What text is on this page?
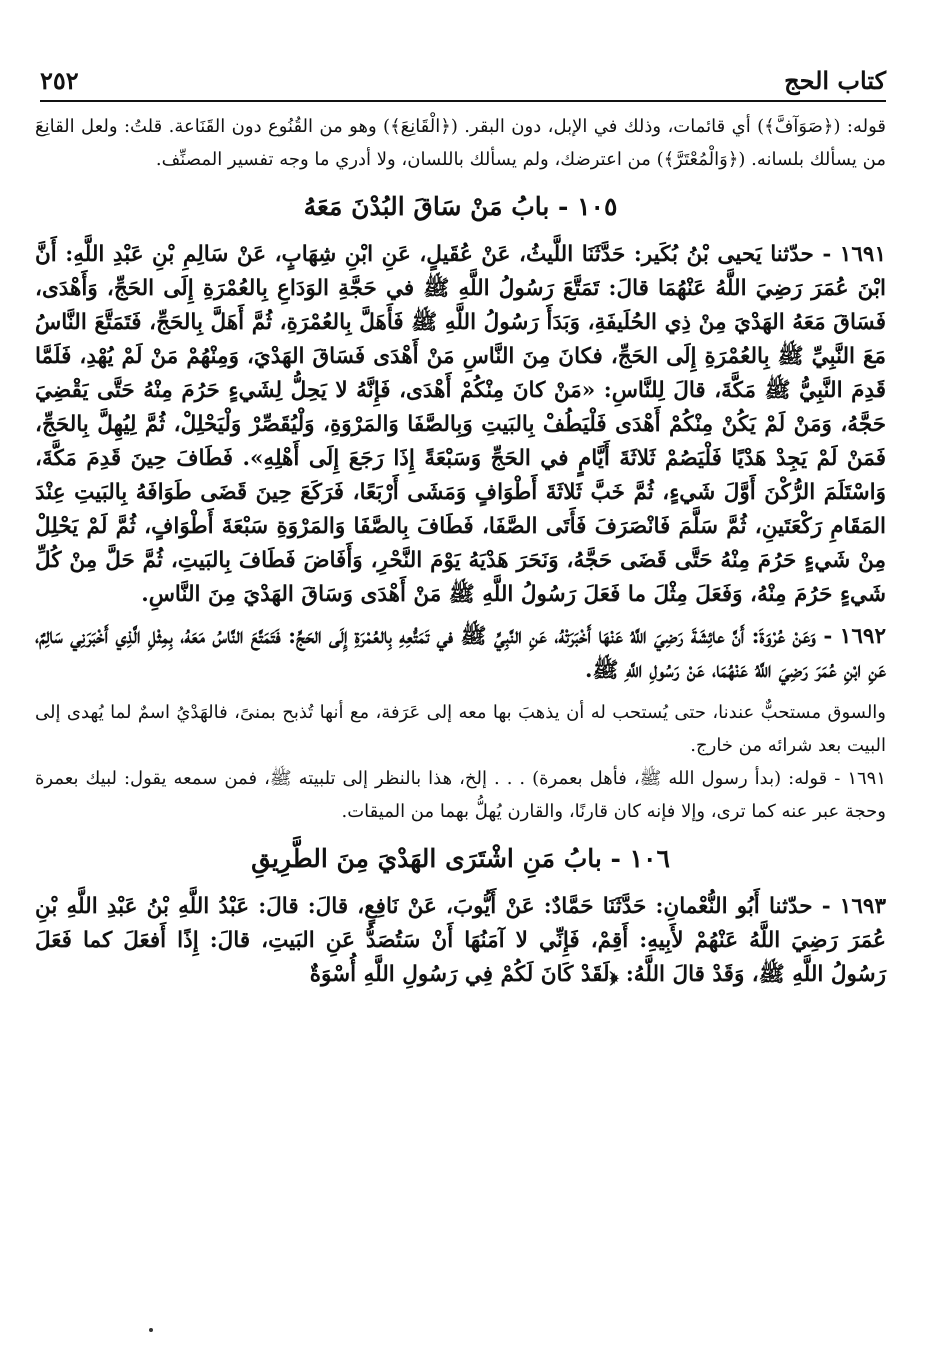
كتاب الحج
٢٥٢

قوله: (﴿صَوَآفَّ﴾) أي قائمات، وذلك في الإبل، دون البقر. (﴿الْقَانِعَ﴾) وهو من القُنُوع دون القَنَاعة. قلتُ: ولعل القانِعَ من يسألك بلسانه. (﴿وَالْمُعْتَرَّ﴾) من اعترضك، ولم يسألك باللسان، ولا أدري ما وجه تفسير المصنِّف.

١٠٥ - بابُ مَنْ سَاقَ البُدْنَ مَعَهُ

١٦٩١ - حدّثنا يَحيى بْنُ بُكَير: حَدَّثَنَا اللَّيثُ، عَنْ عُقَيلٍ، عَنِ ابْنِ شِهَابٍ، عَنْ سَالِمِ بْنِ عَبْدِ اللَّهِ: أَنَّ ابْنَ عُمَرَ رَضِيَ اللَّهُ عَنْهُمَا قالَ: تَمَتَّعَ رَسُولُ اللَّهِ ﷺ في حَجَّةِ الوَدَاعِ بِالعُمْرَةِ إِلَى الحَجِّ، وَأَهْدَى، فَسَاقَ مَعَهُ الهَدْيَ مِنْ ذِي الحُلَيفَةِ، وَبَدَأَ رَسُولُ اللَّهِ ﷺ فَأَهَلَّ بِالعُمْرَةِ، ثُمَّ أَهَلَّ بِالحَجِّ، فَتَمَتَّعَ النَّاسُ مَعَ النَّبِيِّ ﷺ بِالعُمْرَةِ إِلَى الحَجِّ، فكانَ مِنَ النَّاسِ مَنْ أَهْدَى فَسَاقَ الهَدْيَ، وَمِنْهُمْ مَنْ لَمْ يُهْدِ، فَلَمَّا قَدِمَ النَّبِيُّ ﷺ مَكَّةَ، قالَ لِلنَّاسِ: «مَنْ كانَ مِنْكُمْ أَهْدَى، فَإِنَّهُ لا يَحِلُّ لِشَيءٍ حَرُمَ مِنْهُ حَتَّى يَقْضِيَ حَجَّهُ، وَمَنْ لَمْ يَكُنْ مِنْكُمْ أَهْدَى فَلْيَطُفْ بِالبَيتِ وَبِالصَّفَا وَالمَرْوَةِ، وَلْيُقَصِّرْ وَلْيَحْلِلْ، ثُمَّ لِيُهِلَّ بِالحَجِّ، فَمَنْ لَمْ يَجِدْ هَدْيًا فَلْيَصُمْ ثَلاثَةَ أَيَّامٍ في الحَجِّ وَسَبْعَةً إِذَا رَجَعَ إِلَى أَهْلِهِ». فَطَافَ حِينَ قَدِمَ مَكَّةَ، وَاسْتَلَمَ الرُّكْنَ أَوَّلَ شَيءٍ، ثُمَّ خَبَّ ثَلاثَةَ أَطْوَافٍ وَمَشَى أَرْبَعًا، فَرَكَعَ حِينَ قَضَى طَوَافَهُ بِالبَيتِ عِنْدَ المَقَامِ رَكْعَتَينِ، ثُمَّ سَلَّمَ فَانْصَرَفَ فَأَتَى الصَّفَا، فَطَافَ بِالصَّفَا وَالمَرْوَةِ سَبْعَةَ أَطْوَافٍ، ثُمَّ لَمْ يَحْلِلْ مِنْ شَيءٍ حَرُمَ مِنْهُ حَتَّى قَضَى حَجَّهُ، وَنَحَرَ هَدْيَهُ يَوْمَ النَّحْرِ، وَأَفَاضَ فَطَافَ بِالبَيتِ، ثُمَّ حَلَّ مِنْ كُلِّ شَيءٍ حَرُمَ مِنْهُ، وَفَعَلَ مِثْلَ ما فَعَلَ رَسُولُ اللَّهِ ﷺ مَنْ أَهْدَى وَسَاقَ الهَدْيَ مِنَ النَّاسِ.

١٦٩٢ - وَعَنْ عُرْوَةَ: أَنَّ عائِشَةَ رَضِيَ اللَّهُ عَنْهَا أَخْبَرَتْهُ، عَنِ النَّبِيِّ ﷺ في تَمَتُّعِهِ بِالعُمْرَةِ إِلَى الحَجِّ: فَتَمَتَّعَ النَّاسُ مَعَهُ، بِمِثْلِ الَّذِي أَخْبَرَنِي سَالِمٌ، عَنِ ابْنِ عُمَرَ رَضِيَ اللَّهُ عَنْهُمَا، عَنْ رَسُولِ اللَّهِ ﷺ.

والسوق مستحبٌّ عندنا، حتى يُستحب له أن يذهبَ بها معه إلى عَرَفة، مع أنها تُذبح بمنىً، فالهَدْيُ اسمٌ لما يُهدى إلى البيت بعد شرائه من خارج.

١٦٩١ - قوله: (بدأ رسول الله ﷺ، فأهل بعمرة) . . . إلخ، هذا بالنظر إلى تلبيته ﷺ، فمن سمعه يقول: لبيك بعمرة وحجة عبر عنه كما ترى، وإلا فإنه كان قارنًا، والقارن يُهلُّ بهما من الميقات.

١٠٦ - بابُ مَنِ اشْتَرَى الهَدْيَ مِنَ الطَّرِيقِ

١٦٩٣ - حدّثنا أَبُو النُّعْمانِ: حَدَّثَنَا حَمَّادٌ: عَنْ أَيُّوبَ، عَنْ نَافِعٍ، قالَ: قالَ: عَبْدُ اللَّهِ بْنُ عَبْدِ اللَّهِ بْنِ عُمَرَ رَضِيَ اللَّهُ عَنْهُمْ لأَبِيهِ: أَقِمْ، فَإِنِّي لا آمَنُهَا أَنْ سَتُصَدُّ عَنِ البَيتِ، قالَ: إِذًا أَفعَلَ كما فَعَلَ رَسُولُ اللَّهِ ﷺ، وَقَدْ قالَ اللَّهُ: ﴿لَقَدْ كَانَ لَكُمْ فِي رَسُولِ اللَّهِ أُسْوَةٌ
